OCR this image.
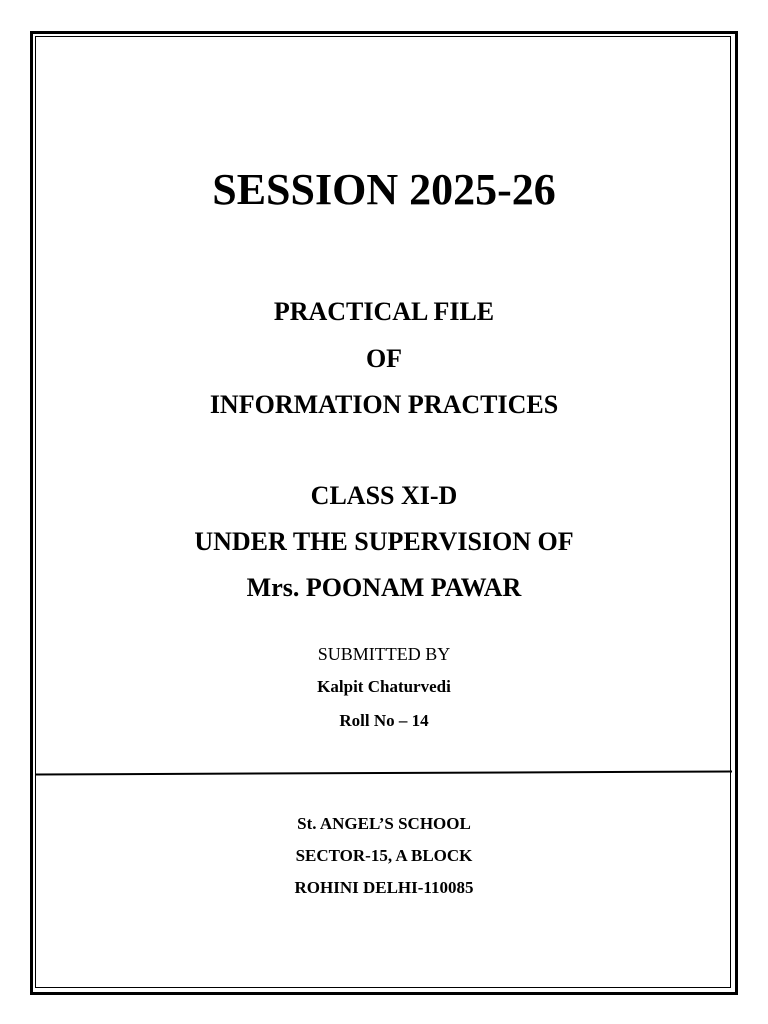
SESSION 2025-26
PRACTICAL FILE
OF
INFORMATION PRACTICES
CLASS XI-D
UNDER THE SUPERVISION OF
Mrs. POONAM PAWAR
SUBMITTED BY
Kalpit Chaturvedi
Roll No – 14
St. ANGEL’S SCHOOL
SECTOR-15, A BLOCK
ROHINI DELHI-110085
